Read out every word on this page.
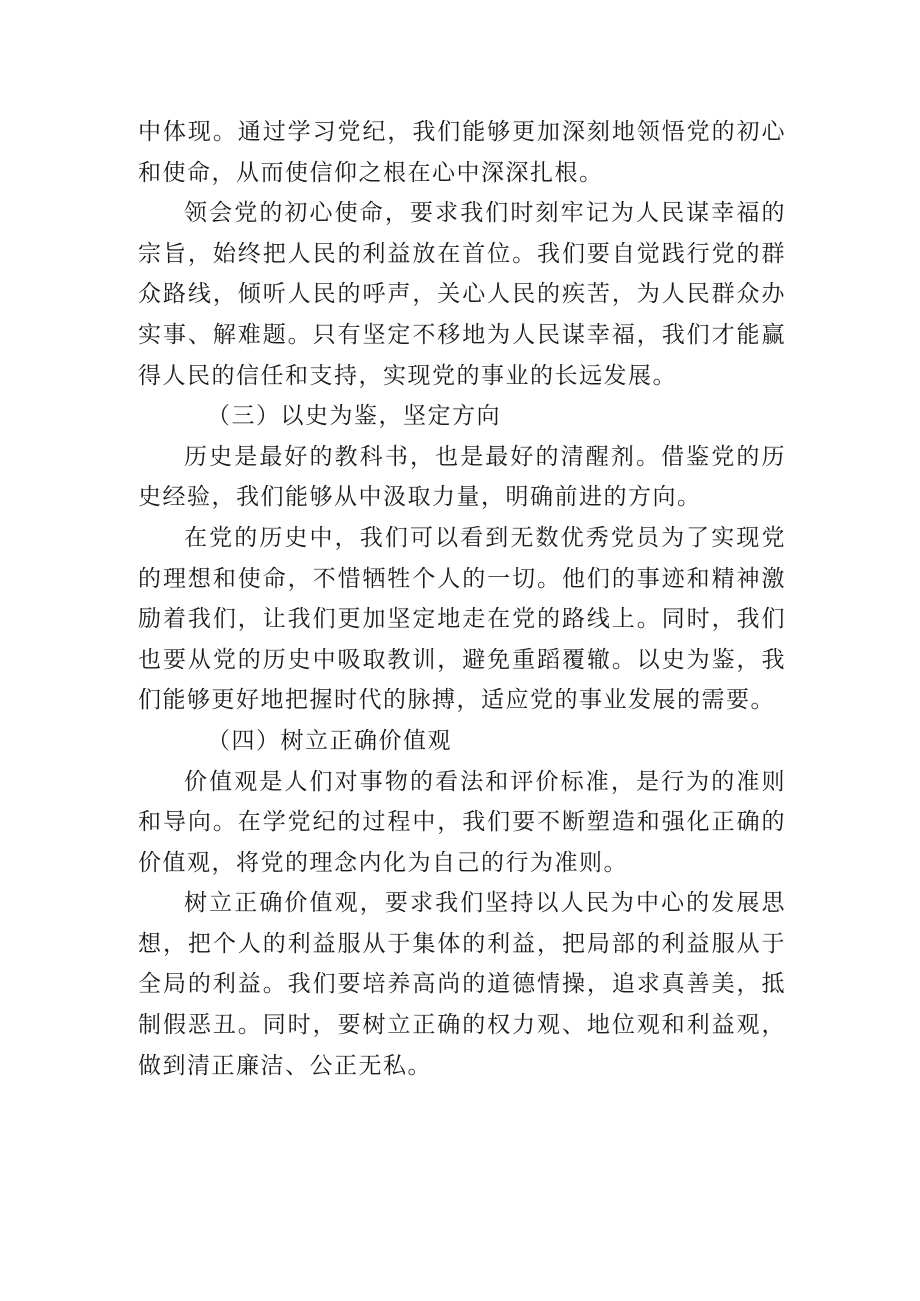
中体现。通过学习党纪，我们能够更加深刻地领悟党的初心和使命，从而使信仰之根在心中深深扎根。

领会党的初心使命，要求我们时刻牢记为人民谋幸福的宗旨，始终把人民的利益放在首位。我们要自觉践行党的群众路线，倾听人民的呼声，关心人民的疾苦，为人民群众办实事、解难题。只有坚定不移地为人民谋幸福，我们才能赢得人民的信任和支持，实现党的事业的长远发展。

（三）以史为鉴，坚定方向

历史是最好的教科书，也是最好的清醒剂。借鉴党的历史经验，我们能够从中汲取力量，明确前进的方向。

在党的历史中，我们可以看到无数优秀党员为了实现党的理想和使命，不惜牺牲个人的一切。他们的事迹和精神激励着我们，让我们更加坚定地走在党的路线上。同时，我们也要从党的历史中吸取教训，避免重蹈覆辙。以史为鉴，我们能够更好地把握时代的脉搏，适应党的事业发展的需要。

（四）树立正确价值观

价值观是人们对事物的看法和评价标准，是行为的准则和导向。在学党纪的过程中，我们要不断塑造和强化正确的价值观，将党的理念内化为自己的行为准则。

树立正确价值观，要求我们坚持以人民为中心的发展思想，把个人的利益服从于集体的利益，把局部的利益服从于全局的利益。我们要培养高尚的道德情操，追求真善美，抵制假恶丑。同时，要树立正确的权力观、地位观和利益观，做到清正廉洁、公正无私。
